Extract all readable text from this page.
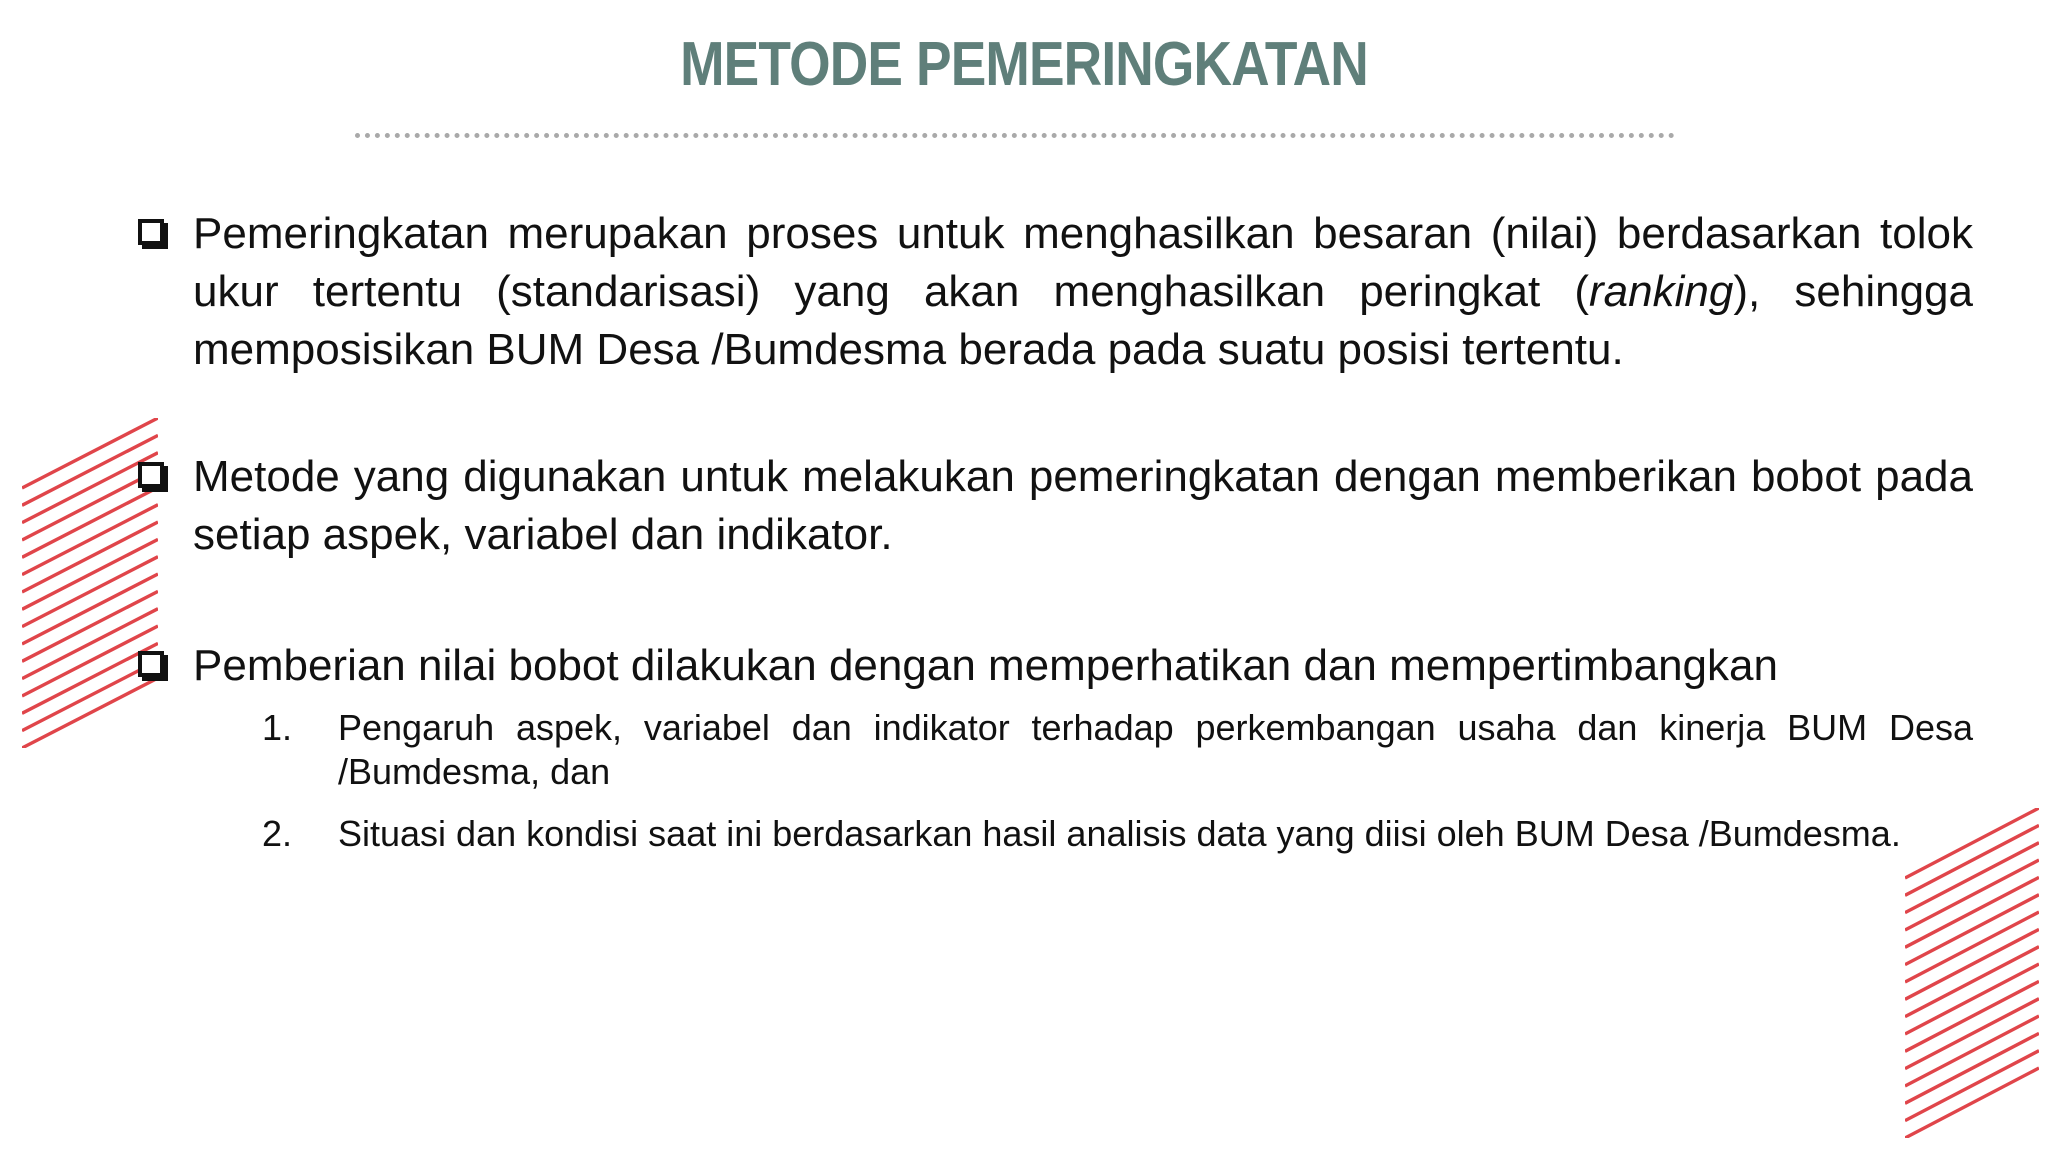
METODE PEMERINGKATAN
Pemeringkatan merupakan proses untuk menghasilkan besaran (nilai) berdasarkan tolok ukur tertentu (standarisasi) yang akan menghasilkan peringkat (ranking), sehingga memposisikan BUM Desa /Bumdesma berada pada suatu posisi tertentu.
Metode yang digunakan untuk melakukan pemeringkatan dengan memberikan bobot pada setiap aspek, variabel dan indikator.
Pemberian nilai bobot dilakukan dengan memperhatikan dan mempertimbangkan
1. Pengaruh aspek, variabel dan indikator terhadap perkembangan usaha dan kinerja BUM Desa /Bumdesma, dan
2. Situasi dan kondisi saat ini berdasarkan hasil analisis data yang diisi oleh BUM Desa /Bumdesma.
